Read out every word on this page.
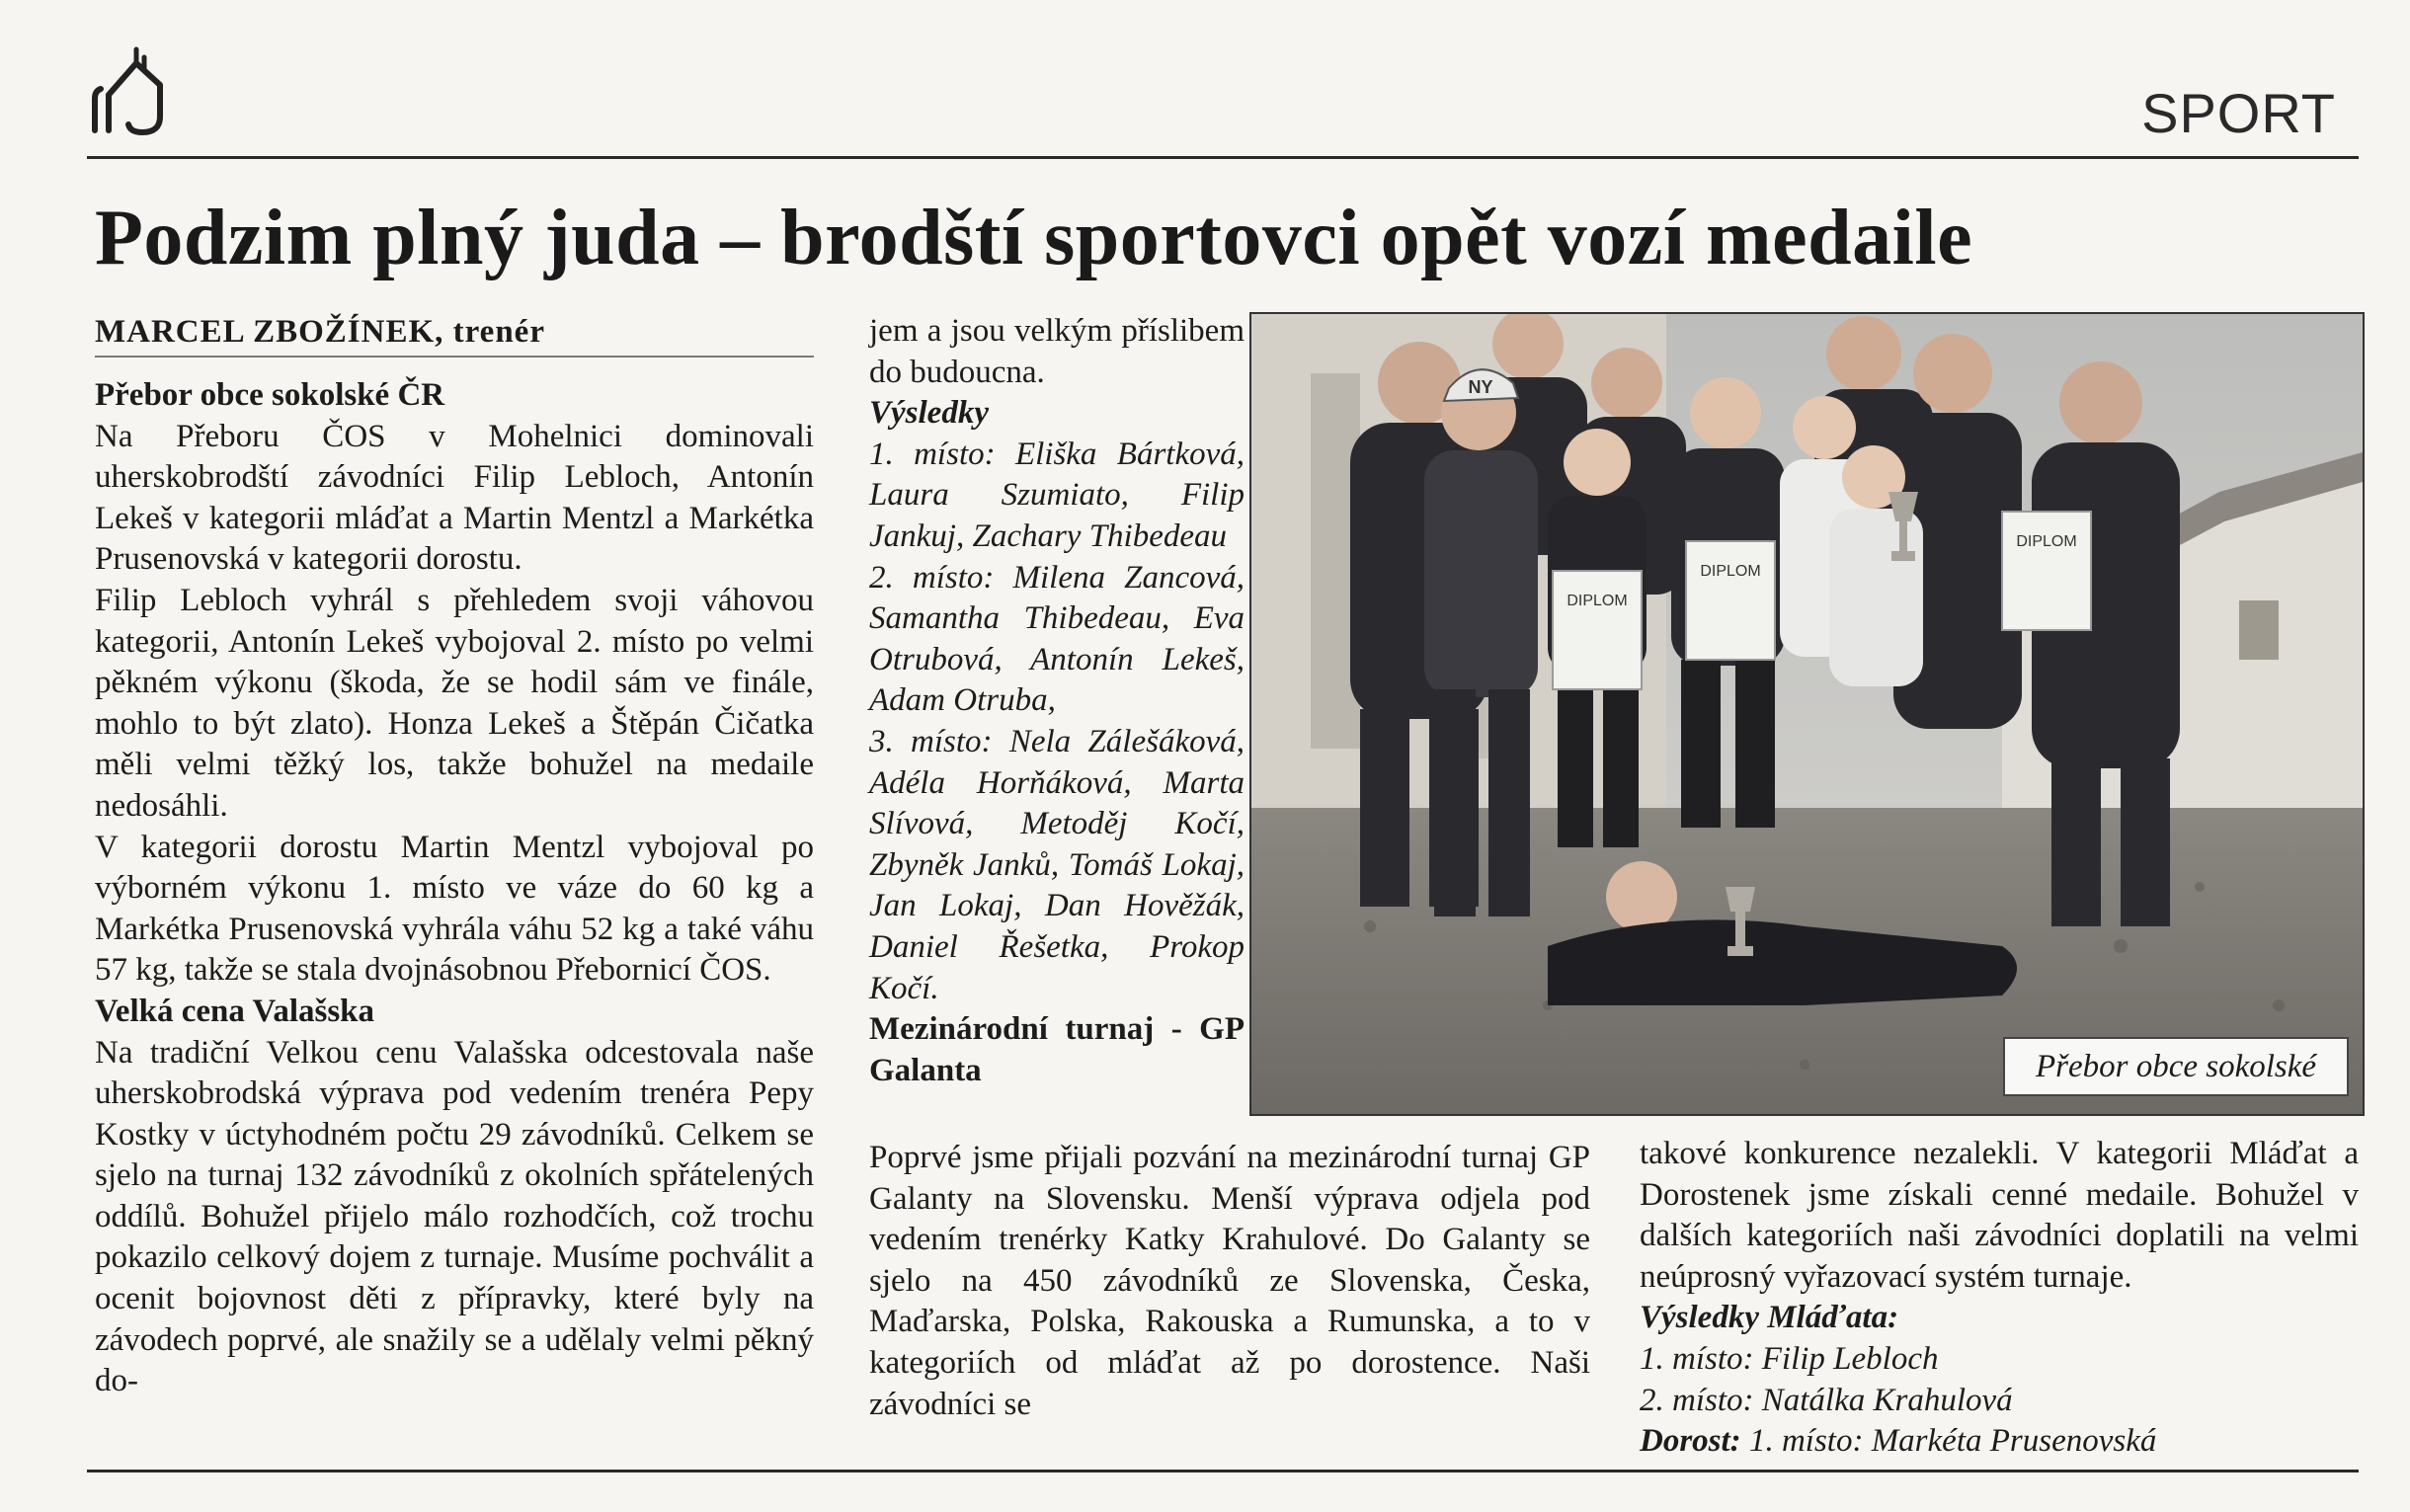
SPORT
Podzim plný juda – brodští sportovci opět vozí medaile
MARCEL ZBOŽÍNEK, trenér

Přebor obce sokolské ČR

Na Přeboru ČOS v Mohelnici dominovali uherskobrodští závodníci Filip Lebloch, Antonín Lekeš v kategorii mláďat a Martin Mentzl a Markétka Prusenovská v kategorii dorostu.

Filip Lebloch vyhrál s přehledem svoji váhovou kategorii, Antonín Lekeš vybojoval 2. místo po velmi pěkném výkonu (škoda, že se hodil sám ve finále, mohlo to být zlato). Honza Lekeš a Štěpán Čičatka měli velmi těžký los, takže bohužel na medaile nedosáhli.

V kategorii dorostu Martin Mentzl vybojoval po výborném výkonu 1. místo ve váze do 60 kg a Markétka Prusenovská vyhrála váhu 52 kg a také váhu 57 kg, takže se stala dvojnásobnou Přebornicí ČOS.

Velká cena Valašska

Na tradiční Velkou cenu Valašska odcestovala naše uherskobrodská výprava pod vedením trenéra Pepy Kostky v úctyhodném počtu 29 závodníků. Celkem se sjelo na turnaj 132 závodníků z okolních spřátelených oddílů. Bohužel přijelo málo rozhodčích, což trochu pokazilo celkový dojem z turnaje. Musíme pochválit a ocenit bojovnost děti z přípravky, které byly na závodech poprvé, ale snažily se a udělaly velmi pěkný do-

jem a jsou velkým příslibem do budoucna.

Výsledky

1. místo: Eliška Bártková, Laura Szumiato, Filip Jankuj, Zachary Thibedeau

2. místo: Milena Zancová, Samantha Thibedeau, Eva Otrubová, Antonín Lekeš, Adam Otruba,

3. místo: Nela Zálešáková, Adéla Horňáková, Marta Slívová, Metoděj Kočí, Zbyněk Janků, Tomáš Lokaj, Jan Lokaj, Dan Hověžák, Daniel Řešetka, Prokop Kočí.

Mezinárodní turnaj - GP Galanta

Poprvé jsme přijali pozvání na mezinárodní turnaj GP Galanty na Slovensku. Menší výprava odjela pod vedením trenérky Katky Krahulové. Do Galanty se sjelo na 450 závodníků ze Slovenska, Česka, Maďarska, Polska, Rakouska a Rumunska, a to v kategoriích od mláďat až po dorostence. Naši závodníci se

takové konkurence nezalekli. V kategorii Mláďat a Dorostenek jsme získali cenné medaile. Bohužel v dalších kategoriích naši závodníci doplatili na velmi neúprosný vyřazovací systém turnaje.

Výsledky Mláďata:

1. místo: Filip Lebloch

2. místo: Natálka Krahulová

Dorost: 1. místo: Markéta Prusenovská

DIPLOM
DIPLOM
DIPLOM
NY
Přebor obce sokolské
